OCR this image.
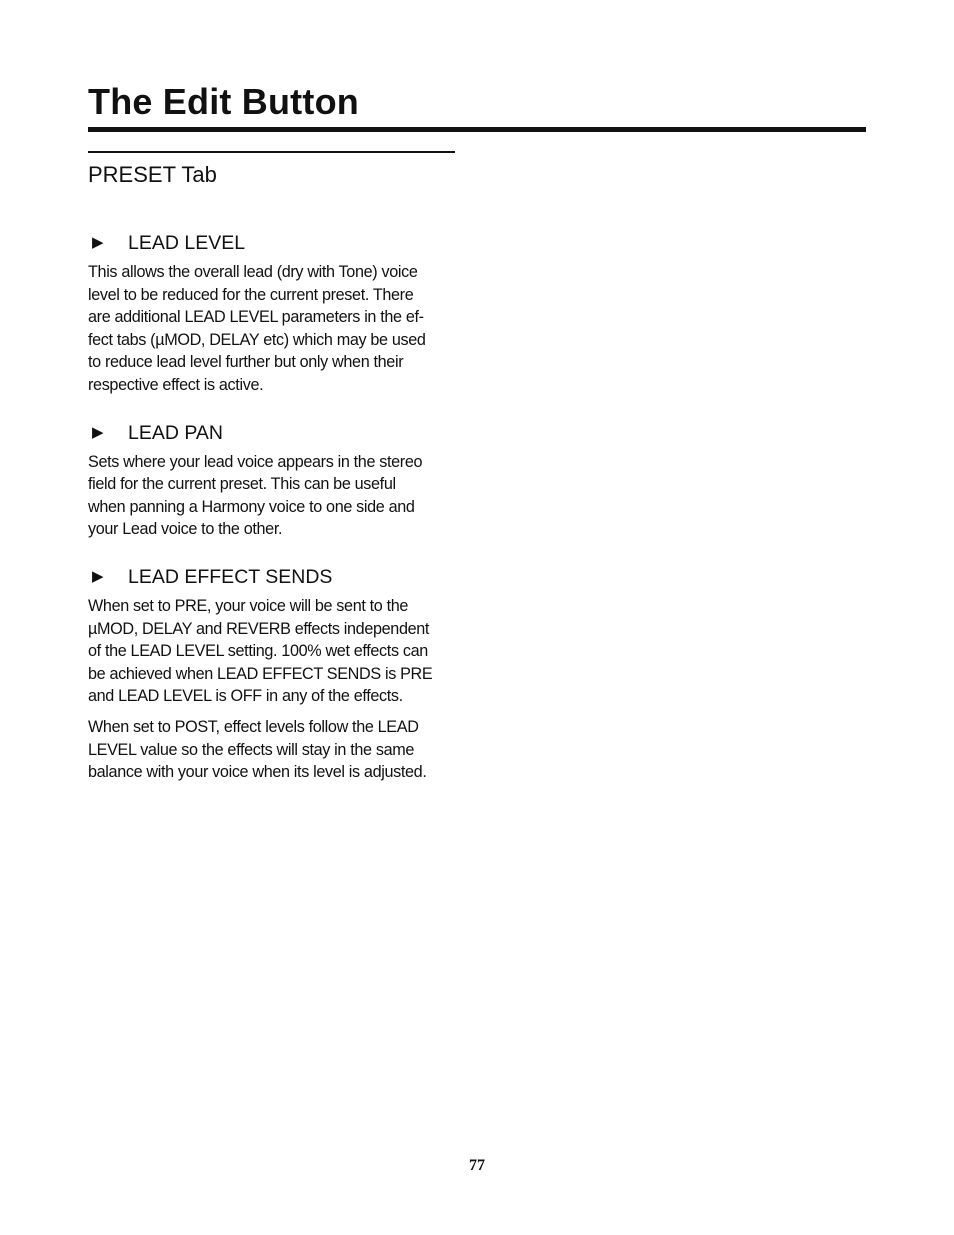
The Edit Button
PRESET Tab
▶	LEAD LEVEL

This allows the overall lead (dry with Tone) voice
level to be reduced for the current preset. There
are additional LEAD LEVEL parameters in the ef-
fect tabs (µMOD, DELAY etc) which may be used
to reduce lead level further but only when their
respective effect is active.

▶	LEAD PAN

Sets where your lead voice appears in the stereo
field for the current preset. This can be useful
when panning a Harmony voice to one side and
your Lead voice to the other.

▶	LEAD EFFECT SENDS

When set to PRE, your voice will be sent to the
µMOD, DELAY and REVERB effects independent
of the LEAD LEVEL setting. 100% wet effects can
be achieved when LEAD EFFECT SENDS is PRE
and LEAD LEVEL is OFF in any of the effects.

When set to POST, effect levels follow the LEAD
LEVEL value so the effects will stay in the same
balance with your voice when its level is adjusted.

77
